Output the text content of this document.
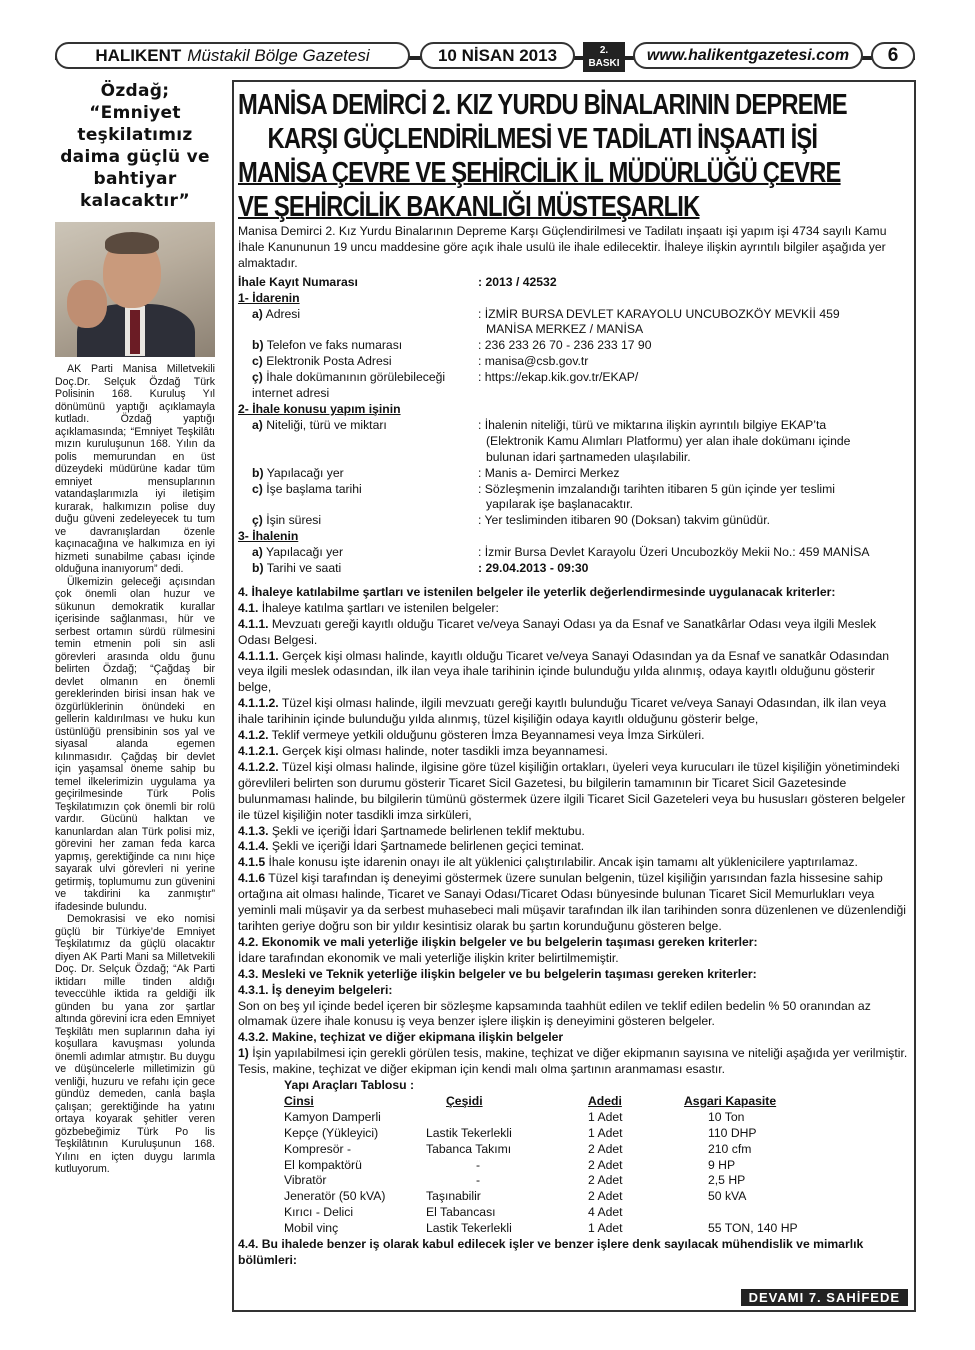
HALIKENT Müstakil Bölge Gazetesi	10 NİSAN 2013	2. BASKI	www.halikentgazetesi.com	6
Özdağ; “Emniyet teşkilatımız daima güçlü ve bahtiyar kalacaktır”

AK Parti Manisa Milletvekili Doç.Dr. Selçuk Özdağ Türk Polisinin 168. Kuruluş Yıl dönümünü yaptığı açıklamayla kutladı. Özdağ yaptığı açıklamasında; “Emniyet Teşkilâtı mızın kuruluşunun 168. Yılın da polis memurundan en üst düzeydeki müdürüne kadar tüm emniyet mensuplarının vatandaşlarımızla iyi iletişim kurarak, halkımızın polise duy duğu güveni zedeleyecek tu tum ve davranışlardan özenle kaçınacağına ve halkımıza en iyi hizmeti sunabilme çabası içinde olduğuna inanıyorum” dedi.

Ülkemizin geleceği açısından çok önemli olan huzur ve sükunun demokratik kurallar içerisinde sağlanması, hür ve serbest ortamın sürdü rülmesini temin etmenin poli sin asli görevleri arasında oldu ğunu belirten Özdağ; “Çağdaş bir devlet olmanın en önemli gereklerinden birisi insan hak ve özgürlüklerinin önündeki en gellerin kaldırılması ve huku kun üstünlüğü prensibinin sos yal ve siyasal alanda egemen kılınmasıdır. Çağdaş bir devlet için yaşamsal öneme sahip bu temel ilkelerimizin uygulama ya geçirilmesinde Türk Polis Teşkilatımızın çok önemli bir rolü vardır. Gücünü halktan ve kanunlardan alan Türk polisi miz, görevini her zaman feda karca yapmış, gerektiğinde ca nını hiçe sayarak ulvi görevleri ni yerine getirmiş, toplumumu zun güvenini ve takdirini ka zanmıştır” ifadesinde bulundu.

Demokrasisi ve eko nomisi güçlü bir Türkiye’de Emniyet Teşkilatımız da güçlü olacaktır diyen AK Parti Mani sa Milletvekili Doç. Dr. Selçuk Özdağ; “Ak Parti iktidarı mille tinden aldığı teveccühle iktida ra geldiği ilk günden bu yana zor şartlar altında görevini icra eden Emniyet Teşkilâtı men suplarının daha iyi koşullara kavuşması yolunda önemli adımlar atmıştır. Bu duygu ve düşüncelerle milletimizin gü venliği, huzuru ve refahı için gece gündüz demeden, canla başla çalışan; gerektiğinde ha yatını ortaya koyarak şehitler veren gözbebeğimiz Türk Po lis Teşkilâtının Kuruluşunun 168. Yılını en içten duygu larımla kutluyorum.

MANİSA DEMİRCİ 2. KIZ YURDU BİNALARININ DEPREME
KARŞI GÜÇLENDİRİLMESİ VE TADİLATI İNŞAATI İŞİ
MANİSA ÇEVRE VE ŞEHİRCİLİK İL MÜDÜRLÜĞÜ ÇEVRE
VE ŞEHİRCİLİK BAKANLIĞI MÜSTEŞARLIK

Manisa Demirci 2. Kız Yurdu Binalarının Depreme Karşı Güçlendirilmesi ve Tadilatı inşaatı işi yapım işi 4734 sayılı Kamu İhale Kanununun 19 uncu maddesine göre açık ihale usulü ile ihale edilecektir. İhaleye ilişkin ayrıntılı bilgiler aşağıda yer almaktadır.

İhale Kayıt Numarası	: 2013 / 42532

1- İdarenin

a) Adresi	: İZMİR BURSA DEVLET KARAYOLU UNCUBOZKÖY MEVKİİ 459
MANİSA MERKEZ / MANİSA
b) Telefon ve faks numarası	: 236 233 26 70 - 236 233 17 90
c) Elektronik Posta Adresi	: manisa@csb.gov.tr
ç) İhale dokümanının görülebileceği internet adresi
: https://ekap.kik.gov.tr/EKAP/

2- İhale konusu yapım işinin

a) Niteliği, türü ve miktarı	: İhalenin niteliği, türü ve miktarına ilişkin ayrıntılı bilgiye EKAP’ta
(Elektronik Kamu Alımları Platformu) yer alan ihale dokümanı içinde
bulunan idari şartnameden ulaşılabilir.
b) Yapılacağı yer	: Manis a- Demirci Merkez
c) İşe başlama tarihi	: Sözleşmenin imzalandığı tarihten itibaren 5 gün içinde yer teslimi
yapılarak işe başlanacaktır.
ç) İşin süresi	: Yer tesliminden itibaren 90 (Doksan) takvim günüdür.

3- İhalenin

a) Yapılacağı yer	: İzmir Bursa Devlet Karayolu Üzeri Uncubozköy Mekii No.: 459 MANİSA
b) Tarihi ve saati	: 29.04.2013 - 09:30

4. İhaleye katılabilme şartları ve istenilen belgeler ile yeterlik değerlendirmesinde uygulanacak kriterler:

4.1. İhaleye katılma şartları ve istenilen belgeler:

4.1.1. Mevzuatı gereği kayıtlı olduğu Ticaret ve/veya Sanayi Odası ya da Esnaf ve Sanatkârlar Odası veya ilgili Meslek Odası Belgesi.

4.1.1.1. Gerçek kişi olması halinde, kayıtlı olduğu Ticaret ve/veya Sanayi Odasından ya da Esnaf ve sanatkâr Odasından veya ilgili meslek odasından, ilk ilan veya ihale tarihinin içinde bulunduğu yılda alınmış, odaya kayıtlı olduğunu gösterir belge,

4.1.1.2. Tüzel kişi olması halinde, ilgili mevzuatı gereği kayıtlı bulunduğu Ticaret ve/veya Sanayi Odasından, ilk ilan veya ihale tarihinin içinde bulunduğu yılda alınmış, tüzel kişiliğin odaya kayıtlı olduğunu gösterir belge,

4.1.2. Teklif vermeye yetkili olduğunu gösteren İmza Beyannamesi veya İmza Sirküleri.

4.1.2.1. Gerçek kişi olması halinde, noter tasdikli imza beyannamesi.

4.1.2.2. Tüzel kişi olması halinde, ilgisine göre tüzel kişiliğin ortakları, üyeleri veya kurucuları ile tüzel kişiliğin yönetimindeki görevlileri belirten son durumu gösterir Ticaret Sicil Gazetesi, bu bilgilerin tamamının bir Ticaret Sicil Gazetesinde bulunmaması halinde, bu bilgilerin tümünü göstermek üzere ilgili Ticaret Sicil Gazeteleri veya bu hususları gösteren belgeler ile tüzel kişiliğin noter tasdikli imza sirküleri,

4.1.3. Şekli ve içeriği İdari Şartnamede belirlenen teklif mektubu.

4.1.4. Şekli ve içeriği İdari Şartnamede belirlenen geçici teminat.

4.1.5 İhale konusu işte idarenin onayı ile alt yüklenici çalıştırılabilir. Ancak işin tamamı alt yüklenicilere yaptırılamaz.

4.1.6 Tüzel kişi tarafından iş deneyimi göstermek üzere sunulan belgenin, tüzel kişiliğin yarısından fazla hissesine sahip ortağına ait olması halinde, Ticaret ve Sanayi Odası/Ticaret Odası bünyesinde bulunan Ticaret Sicil Memurlukları veya yeminli mali müşavir ya da serbest muhasebeci mali müşavir tarafından ilk ilan tarihinden sonra düzenlenen ve düzenlendiği tarihten geriye doğru son bir yıldır kesintisiz olarak bu şartın korunduğunu gösteren belge.

4.2. Ekonomik ve mali yeterliğe ilişkin belgeler ve bu belgelerin taşıması gereken kriterler:

İdare tarafından ekonomik ve mali yeterliğe ilişkin kriter belirtilmemiştir.

4.3. Mesleki ve Teknik yeterliğe ilişkin belgeler ve bu belgelerin taşıması gereken kriterler:

4.3.1. İş deneyim belgeleri:

Son on beş yıl içinde bedel içeren bir sözleşme kapsamında taahhüt edilen ve teklif edilen bedelin % 50 oranından az olmamak üzere ihale konusu iş veya benzer işlere ilişkin iş deneyimini gösteren belgeler.

4.3.2. Makine, teçhizat ve diğer ekipmana ilişkin belgeler

1) İşin yapılabilmesi için gerekli görülen tesis, makine, teçhizat ve diğer ekipmanın sayısına ve niteliği aşağıda yer verilmiştir. Tesis, makine, teçhizat ve diğer ekipman için kendi malı olma şartının aranmaması esastır.

Yapı Araçları Tablosu :

Cinsi	Çeşidi	Adedi	Asgari Kapasite
Kamyon Damperli		1 Adet	10 Ton
Kepçe (Yükleyici)	Lastik Tekerlekli	1 Adet	110 DHP
Kompresör -	Tabanca Takımı	2 Adet	210 cfm
El kompaktörü	-	2 Adet	9 HP
Vibratör	-	2 Adet	2,5 HP
Jeneratör (50 kVA)	Taşınabilir	2 Adet	50 kVA
Kırıcı - Delici	El Tabancası	4 Adet	
Mobil vinç	Lastik Tekerlekli	1 Adet	55 TON, 140 HP

4.4. Bu ihalede benzer iş olarak kabul edilecek işler ve benzer işlere denk sayılacak mühendislik ve mimarlık bölümleri:

DEVAMI 7. SAHİFEDE
